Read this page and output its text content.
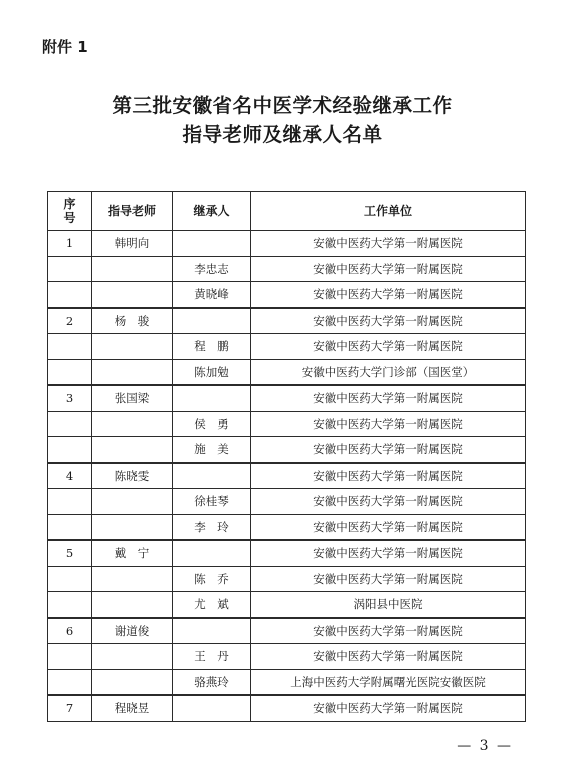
附件 1
第三批安徽省名中医学术经验继承工作
指导老师及继承人名单
序
号	指导老师	继承人	工作单位
1	韩明向		安徽中医药大学第一附属医院
		李忠志	安徽中医药大学第一附属医院
		黄晓峰	安徽中医药大学第一附属医院
2	杨　骏		安徽中医药大学第一附属医院
		程　鹏	安徽中医药大学第一附属医院
		陈加勉	安徽中医药大学门诊部（国医堂）
3	张国梁		安徽中医药大学第一附属医院
		侯　勇	安徽中医药大学第一附属医院
		施　美	安徽中医药大学第一附属医院
4	陈晓雯		安徽中医药大学第一附属医院
		徐桂琴	安徽中医药大学第一附属医院
		李　玲	安徽中医药大学第一附属医院
5	戴　宁		安徽中医药大学第一附属医院
		陈　乔	安徽中医药大学第一附属医院
		尤　斌	涡阳县中医院
6	谢道俊		安徽中医药大学第一附属医院
		王　丹	安徽中医药大学第一附属医院
		骆燕玲	上海中医药大学附属曙光医院安徽医院
7	程晓昱		安徽中医药大学第一附属医院
— 3 —
